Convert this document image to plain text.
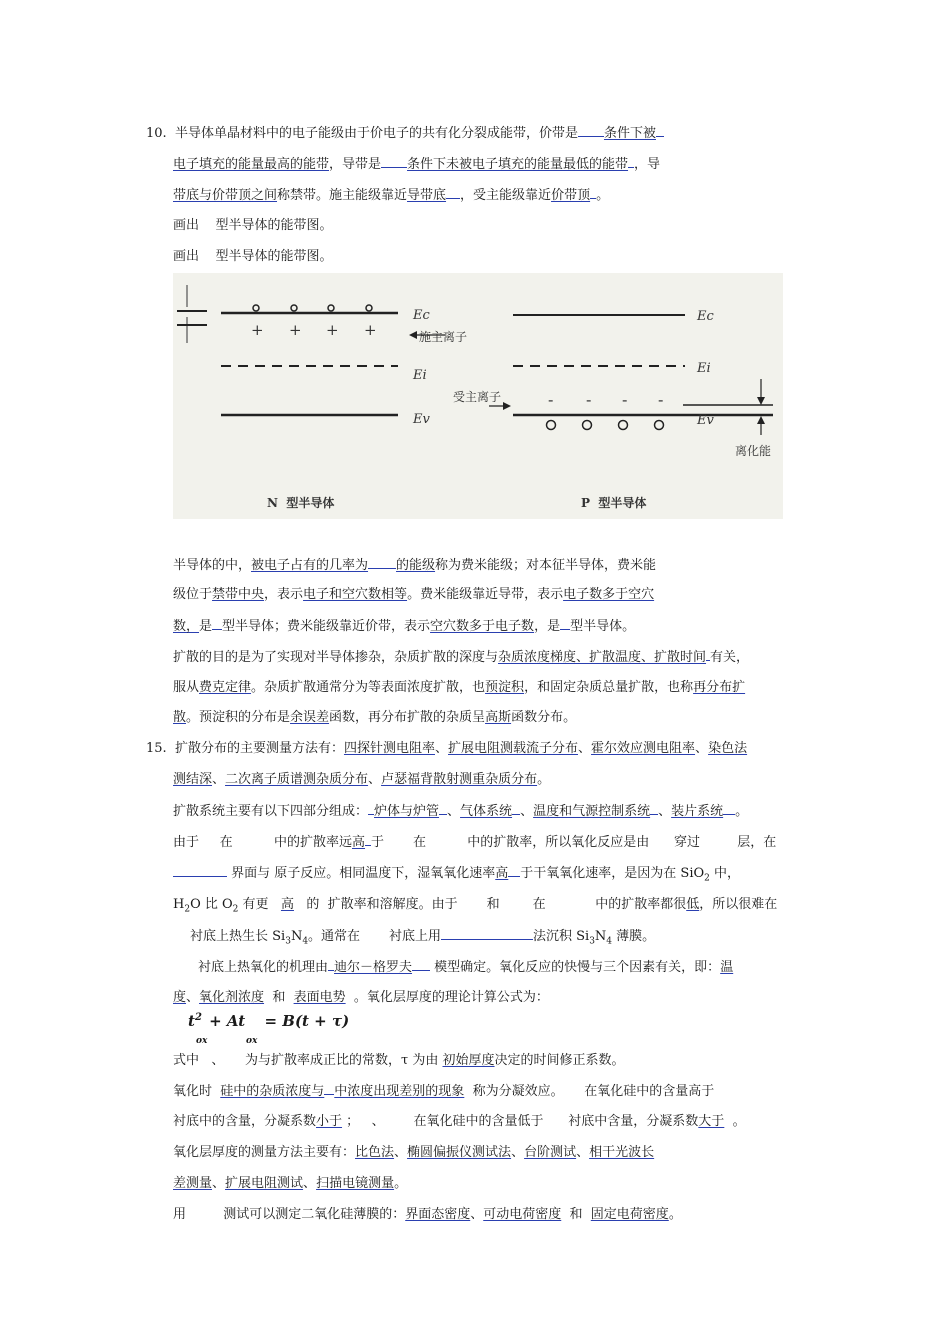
10. 半导体单晶材料中的电子能级由于价电子的共有化分裂成能带，价带是 条件下被
电子填充的能量最高的能带，导带是 条件下未被电子填充的能量最低的能带 ，导
带底与价带顶之间称禁带。施主能级靠近导带底 ，受主能级靠近价带顶 。
画出    型半导体的能带图。
画出    型半导体的能带图。
+ + + +
Ec
施主离子
Ei
Ev
N  型半导体
Ec
Ei
受主离子	- - - -
Ev
离化能
P  型半导体
半导体的中，被电子占有的几率为 的能级称为费米能级；对本征半导体，费米能
级位于禁带中央，表示电子和空穴数相等。费米能级靠近导带，表示电子数多于空穴
数，是 型半导体；费米能级靠近价带，表示空穴数多于电子数，是 型半导体。
扩散的目的是为了实现对半导体掺杂，杂质扩散的深度与杂质浓度梯度、扩散温度、扩散时间 有关，
服从费克定律。杂质扩散通常分为等表面浓度扩散，也预淀积，和固定杂质总量扩散，也称再分布扩
散。预淀积的分布是余误差函数，再分布扩散的杂质呈高斯函数分布。
15. 扩散分布的主要测量方法有：四探针测电阻率、扩展电阻测载流子分布、霍尔效应测电阻率、染色法
测结深、二次离子质谱测杂质分布、卢瑟福背散射测重杂质分布。
扩散系统主要有以下四部分组成： 炉体与炉管 、气体系统 、温度和气源控制系统 、装片系统 。
由于     在          中的扩散率远高 于       在          中的扩散率，所以氧化反应是由      穿过         层，在
界面与 原子反应。相同温度下，湿氧氧化速率高 于干氧氧化速率，是因为在 SiO$_2$ 中，
$H_2O$ 比 $O_2$ 有更 高 的  扩散率和溶解度。由于       和        在            中的扩散率都很低，所以很难在
衬底上热生长 $Si_3N_4$。通常在       衬底上用	法沉积 $Si_3N_4$ 薄膜。
衬底上热氧化的机理由 迪尔－格罗夫 模型确定。氧化反应的快慢与三个因素有关，即：温
度、氧化剂浓度 和 表面电势 。氧化层厚度的理论计算公式为：
$t^2 + At = B(t + \tau)$
ox	ox
式中   、     为与扩散率成正比的常数，τ 为由 初始厚度决定的时间修正系数。
氧化时 硅中的杂质浓度与 中浓度出现差别的现象 称为分凝效应。     在氧化硅中的含量高于
衬底中的含量，分凝系数小于 ；   、       在氧化硅中的含量低于      衬底中含量，分凝系数大于 。
氧化层厚度的测量方法主要有：比色法、椭圆偏振仪测试法、台阶测试、相干光波长
差测量、扩展电阻测试、扫描电镜测量。
用         测试可以测定二氧化硅薄膜的：界面态密度、可动电荷密度 和 固定电荷密度。
